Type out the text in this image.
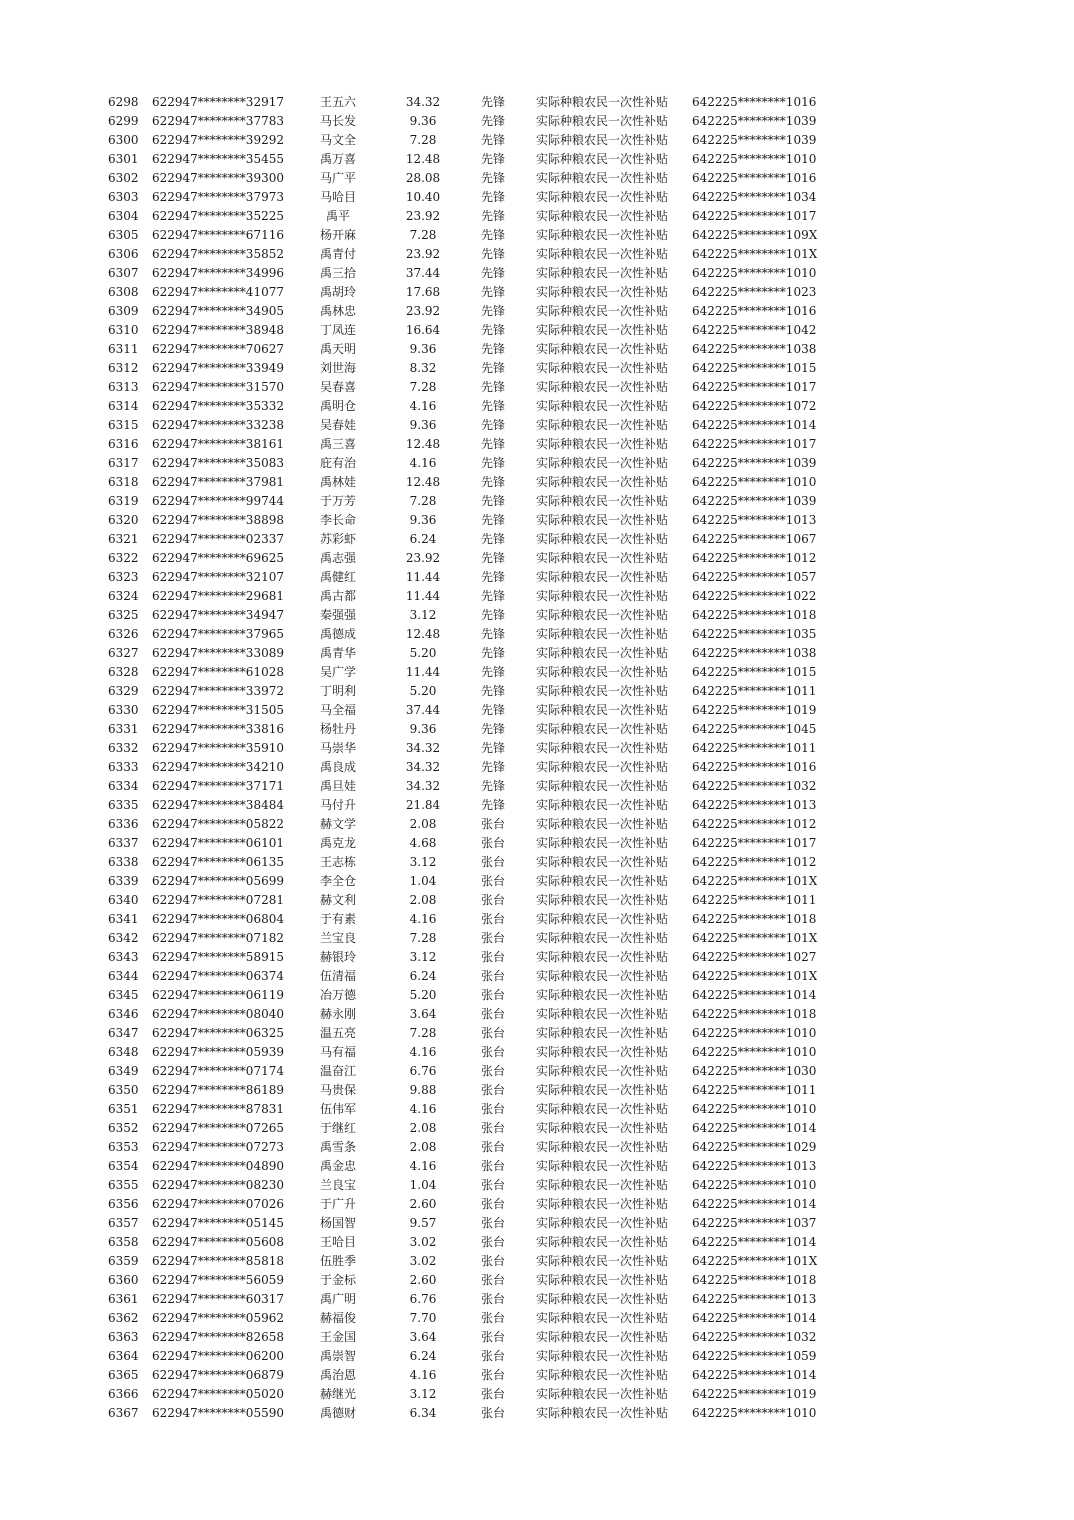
6298 622947********32917	王五六	34.32	先锋	实际种粮农民一次性补贴 642225********1016
6299 622947********37783	马长发	9.36	先锋	实际种粮农民一次性补贴 642225********1039
6300 622947********39292	马文全	7.28	先锋	实际种粮农民一次性补贴 642225********1039
6301 622947********35455	禹万喜	12.48	先锋	实际种粮农民一次性补贴 642225********1010
6302 622947********39300	马广平	28.08	先锋	实际种粮农民一次性补贴 642225********1016
6303 622947********37973	马哈目	10.40	先锋	实际种粮农民一次性补贴 642225********1034
6304 622947********35225	禹平	23.92	先锋	实际种粮农民一次性补贴 642225********1017
6305 622947********67116	杨开麻	7.28	先锋	实际种粮农民一次性补贴 642225********109X
6306 622947********35852	禹青付	23.92	先锋	实际种粮农民一次性补贴 642225********101X
6307 622947********34996	禹三拾	37.44	先锋	实际种粮农民一次性补贴 642225********1010
6308 622947********41077	禹胡玲	17.68	先锋	实际种粮农民一次性补贴 642225********1023
6309 622947********34905	禹林忠	23.92	先锋	实际种粮农民一次性补贴 642225********1016
6310 622947********38948	丁凤连	16.64	先锋	实际种粮农民一次性补贴 642225********1042
6311 622947********70627	禹天明	9.36	先锋	实际种粮农民一次性补贴 642225********1038
6312 622947********33949	刘世海	8.32	先锋	实际种粮农民一次性补贴 642225********1015
6313 622947********31570	吴春喜	7.28	先锋	实际种粮农民一次性补贴 642225********1017
6314 622947********35332	禹明仓	4.16	先锋	实际种粮农民一次性补贴 642225********1072
6315 622947********33238	吴春娃	9.36	先锋	实际种粮农民一次性补贴 642225********1014
6316 622947********38161	禹三喜	12.48	先锋	实际种粮农民一次性补贴 642225********1017
6317 622947********35083	庇有治	4.16	先锋	实际种粮农民一次性补贴 642225********1039
6318 622947********37981	禹林娃	12.48	先锋	实际种粮农民一次性补贴 642225********1010
6319 622947********99744	于万芳	7.28	先锋	实际种粮农民一次性补贴 642225********1039
6320 622947********38898	李长命	9.36	先锋	实际种粮农民一次性补贴 642225********1013
6321 622947********02337	苏彩虾	6.24	先锋	实际种粮农民一次性补贴 642225********1067
6322 622947********69625	禹志强	23.92	先锋	实际种粮农民一次性补贴 642225********1012
6323 622947********32107	禹健红	11.44	先锋	实际种粮农民一次性补贴 642225********1057
6324 622947********29681	禹古都	11.44	先锋	实际种粮农民一次性补贴 642225********1022
6325 622947********34947	秦强强	3.12	先锋	实际种粮农民一次性补贴 642225********1018
6326 622947********37965	禹德成	12.48	先锋	实际种粮农民一次性补贴 642225********1035
6327 622947********33089	禹青华	5.20	先锋	实际种粮农民一次性补贴 642225********1038
6328 622947********61028	吴广学	11.44	先锋	实际种粮农民一次性补贴 642225********1015
6329 622947********33972	丁明利	5.20	先锋	实际种粮农民一次性补贴 642225********1011
6330 622947********31505	马全福	37.44	先锋	实际种粮农民一次性补贴 642225********1019
6331 622947********33816	杨牡丹	9.36	先锋	实际种粮农民一次性补贴 642225********1045
6332 622947********35910	马崇华	34.32	先锋	实际种粮农民一次性补贴 642225********1011
6333 622947********34210	禹良成	34.32	先锋	实际种粮农民一次性补贴 642225********1016
6334 622947********37171	禹旦娃	34.32	先锋	实际种粮农民一次性补贴 642225********1032
6335 622947********38484	马付升	21.84	先锋	实际种粮农民一次性补贴 642225********1013
6336 622947********05822	赫文学	2.08	张台	实际种粮农民一次性补贴 642225********1012
6337 622947********06101	禹克龙	4.68	张台	实际种粮农民一次性补贴 642225********1017
6338 622947********06135	王志栋	3.12	张台	实际种粮农民一次性补贴 642225********1012
6339 622947********05699	李全仓	1.04	张台	实际种粮农民一次性补贴 642225********101X
6340 622947********07281	赫文利	2.08	张台	实际种粮农民一次性补贴 642225********1011
6341 622947********06804	于有素	4.16	张台	实际种粮农民一次性补贴 642225********1018
6342 622947********07182	兰宝良	7.28	张台	实际种粮农民一次性补贴 642225********101X
6343 622947********58915	赫银玲	3.12	张台	实际种粮农民一次性补贴 642225********1027
6344 622947********06374	伍清福	6.24	张台	实际种粮农民一次性补贴 642225********101X
6345 622947********06119	冶万德	5.20	张台	实际种粮农民一次性补贴 642225********1014
6346 622947********08040	赫永刚	3.64	张台	实际种粮农民一次性补贴 642225********1018
6347 622947********06325	温五亮	7.28	张台	实际种粮农民一次性补贴 642225********1010
6348 622947********05939	马有福	4.16	张台	实际种粮农民一次性补贴 642225********1010
6349 622947********07174	温奋江	6.76	张台	实际种粮农民一次性补贴 642225********1030
6350 622947********86189	马贵保	9.88	张台	实际种粮农民一次性补贴 642225********1011
6351 622947********87831	伍伟军	4.16	张台	实际种粮农民一次性补贴 642225********1010
6352 622947********07265	于继红	2.08	张台	实际种粮农民一次性补贴 642225********1014
6353 622947********07273	禹雪条	2.08	张台	实际种粮农民一次性补贴 642225********1029
6354 622947********04890	禹金忠	4.16	张台	实际种粮农民一次性补贴 642225********1013
6355 622947********08230	兰良宝	1.04	张台	实际种粮农民一次性补贴 642225********1010
6356 622947********07026	于广升	2.60	张台	实际种粮农民一次性补贴 642225********1014
6357 622947********05145	杨国智	9.57	张台	实际种粮农民一次性补贴 642225********1037
6358 622947********05608	王哈目	3.02	张台	实际种粮农民一次性补贴 642225********1014
6359 622947********85818	伍胜季	3.02	张台	实际种粮农民一次性补贴 642225********101X
6360 622947********56059	于金标	2.60	张台	实际种粮农民一次性补贴 642225********1018
6361 622947********60317	禹广明	6.76	张台	实际种粮农民一次性补贴 642225********1013
6362 622947********05962	赫福俊	7.70	张台	实际种粮农民一次性补贴 642225********1014
6363 622947********82658	王金国	3.64	张台	实际种粮农民一次性补贴 642225********1032
6364 622947********06200	禹崇智	6.24	张台	实际种粮农民一次性补贴 642225********1059
6365 622947********06879	禹治恩	4.16	张台	实际种粮农民一次性补贴 642225********1014
6366 622947********05020	赫继光	3.12	张台	实际种粮农民一次性补贴 642225********1019
6367 622947********05590	禹德财	6.34	张台	实际种粮农民一次性补贴 642225********1010
